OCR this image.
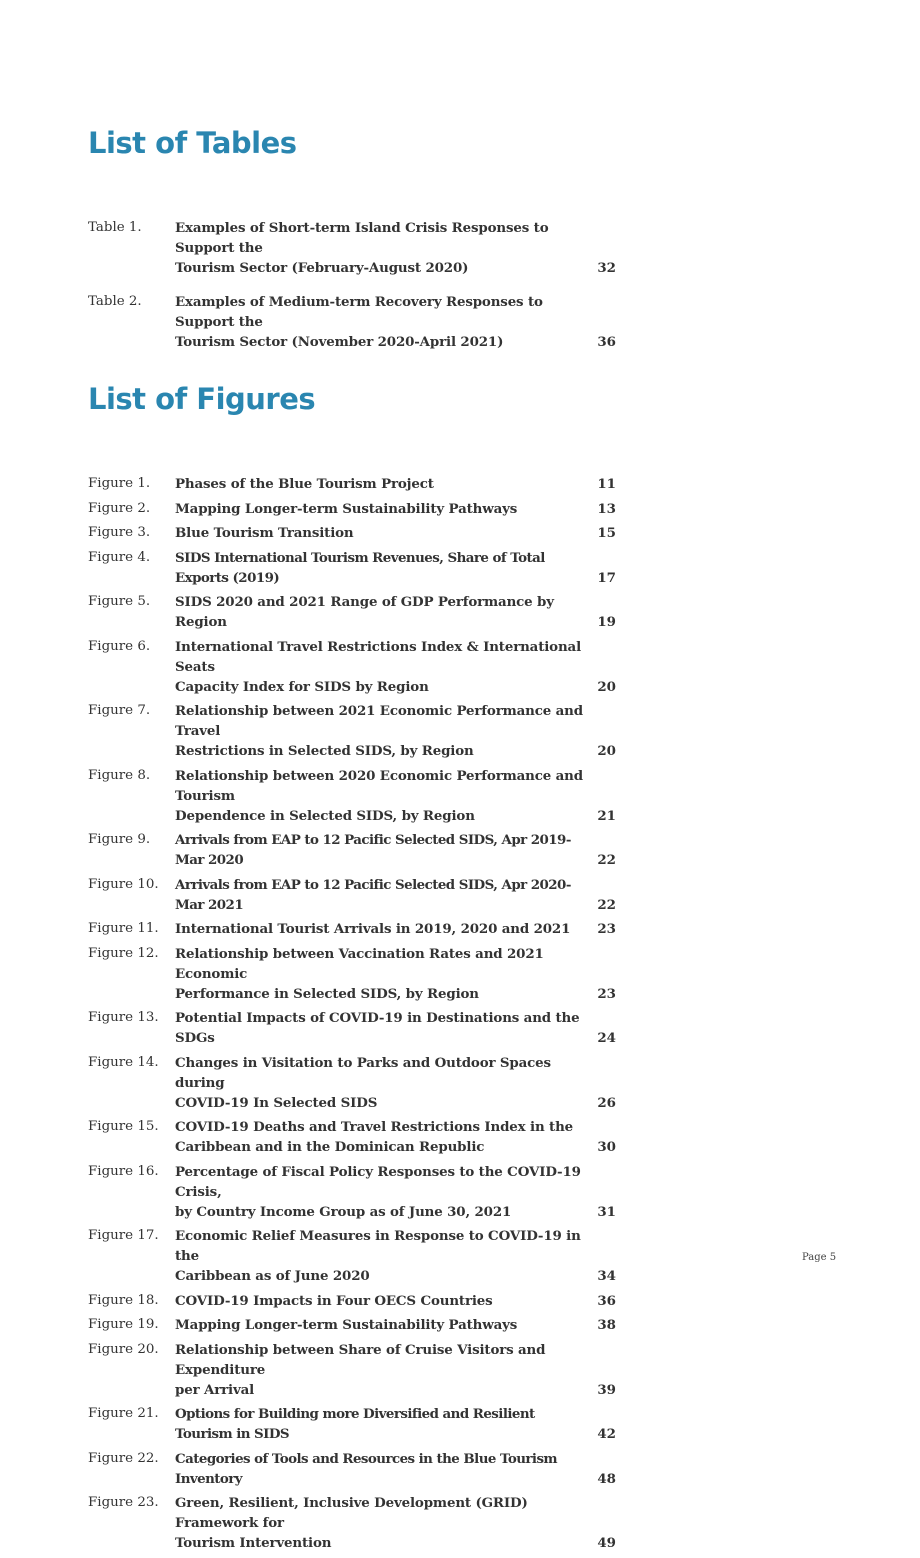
List of Tables
Table 1.	Examples of Short-term Island Crisis Responses to Support the
Tourism Sector (February-August 2020)	32
Table 2.	Examples of Medium-term Recovery Responses to Support the
Tourism Sector (November 2020-April 2021)	36
List of Figures
Figure 1.	Phases of the Blue Tourism Project	11
Figure 2.	Mapping Longer-term Sustainability Pathways	13
Figure 3.	Blue Tourism Transition	15
Figure 4.	SIDS International Tourism Revenues, Share of Total Exports (2019)	17
Figure 5.	SIDS 2020 and 2021 Range of GDP Performance by Region	19
Figure 6.	International Travel Restrictions Index & International Seats
Capacity Index for SIDS by Region	20
Figure 7.	Relationship between 2021 Economic Performance and Travel
Restrictions in Selected SIDS, by Region	20
Figure 8.	Relationship between 2020 Economic Performance and Tourism
Dependence in Selected SIDS, by Region	21
Figure 9.	Arrivals from EAP to 12 Pacific Selected SIDS, Apr 2019-Mar 2020	22
Figure 10.	Arrivals from EAP to 12 Pacific Selected SIDS, Apr 2020-Mar 2021	22
Figure 11.	International Tourist Arrivals in 2019, 2020 and 2021	23
Figure 12.	Relationship between Vaccination Rates and 2021 Economic
Performance in Selected SIDS, by Region	23
Figure 13.	Potential Impacts of COVID-19 in Destinations and the SDGs	24
Figure 14.	Changes in Visitation to Parks and Outdoor Spaces during
COVID-19 In Selected SIDS	26
Figure 15.	COVID-19 Deaths and Travel Restrictions Index in the
Caribbean and in the Dominican Republic	30
Figure 16.	Percentage of Fiscal Policy Responses to the COVID-19 Crisis,
by Country Income Group as of June 30, 2021	31
Figure 17.	Economic Relief Measures in Response to COVID-19 in the
Caribbean as of June 2020	34
Figure 18.	COVID-19 Impacts in Four OECS Countries	36
Figure 19.	Mapping Longer-term Sustainability Pathways	38
Figure 20.	Relationship between Share of Cruise Visitors and Expenditure
per Arrival	39
Figure 21.	Options for Building more Diversified and Resilient Tourism in SIDS	42
Figure 22.	Categories of Tools and Resources in the Blue Tourism Inventory	48
Figure 23.	Green, Resilient, Inclusive Development (GRID) Framework for
Tourism Intervention	49
Page 5
